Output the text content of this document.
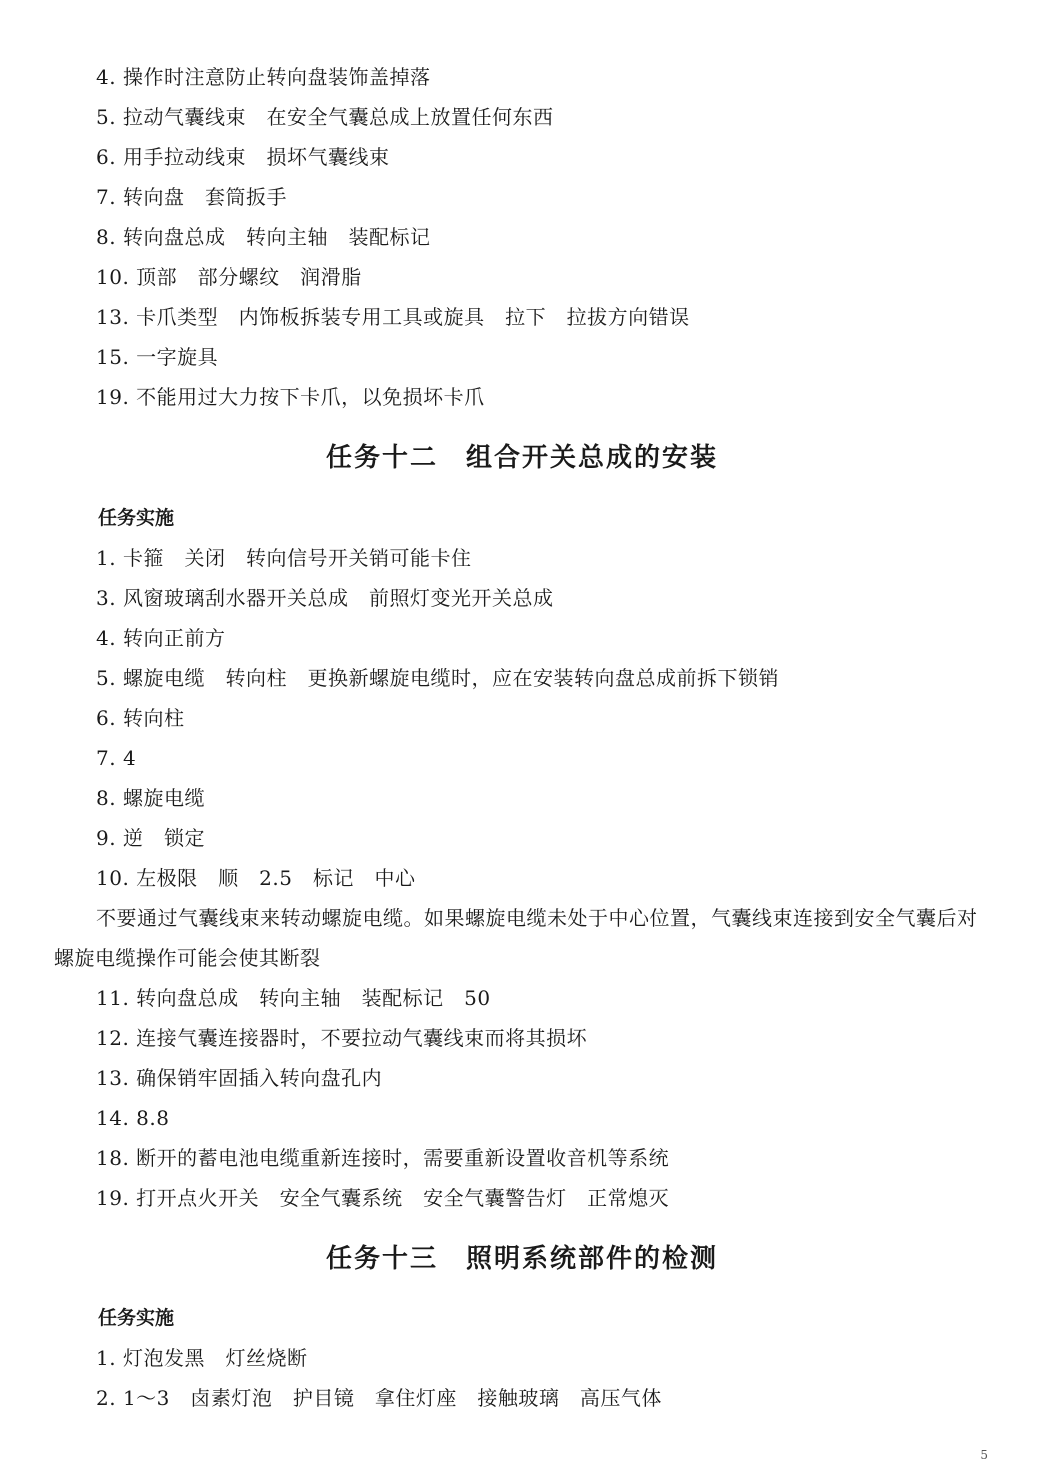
4. 操作时注意防止转向盘装饰盖掉落
5. 拉动气囊线束　在安全气囊总成上放置任何东西
6. 用手拉动线束　损坏气囊线束
7. 转向盘　套筒扳手
8. 转向盘总成　转向主轴　装配标记
10. 顶部　部分螺纹　润滑脂
13. 卡爪类型　内饰板拆装专用工具或旋具　拉下　拉拔方向错误
15. 一字旋具
19. 不能用过大力按下卡爪，以免损坏卡爪
任务十二　组合开关总成的安装
任务实施
1. 卡箍　关闭　转向信号开关销可能卡住
3. 风窗玻璃刮水器开关总成　前照灯变光开关总成
4. 转向正前方
5. 螺旋电缆　转向柱　更换新螺旋电缆时，应在安装转向盘总成前拆下锁销
6. 转向柱
7. 4
8. 螺旋电缆
9. 逆　锁定
10. 左极限　顺　2.5　标记　中心
不要通过气囊线束来转动螺旋电缆。如果螺旋电缆未处于中心位置，气囊线束连接到安全气囊后对螺旋电缆操作可能会使其断裂
11. 转向盘总成　转向主轴　装配标记　50
12. 连接气囊连接器时，不要拉动气囊线束而将其损坏
13. 确保销牢固插入转向盘孔内
14. 8.8
18. 断开的蓄电池电缆重新连接时，需要重新设置收音机等系统
19. 打开点火开关　安全气囊系统　安全气囊警告灯　正常熄灭
任务十三　照明系统部件的检测
任务实施
1. 灯泡发黑　灯丝烧断
2. 1～3　卤素灯泡　护目镜　拿住灯座　接触玻璃　高压气体
5
